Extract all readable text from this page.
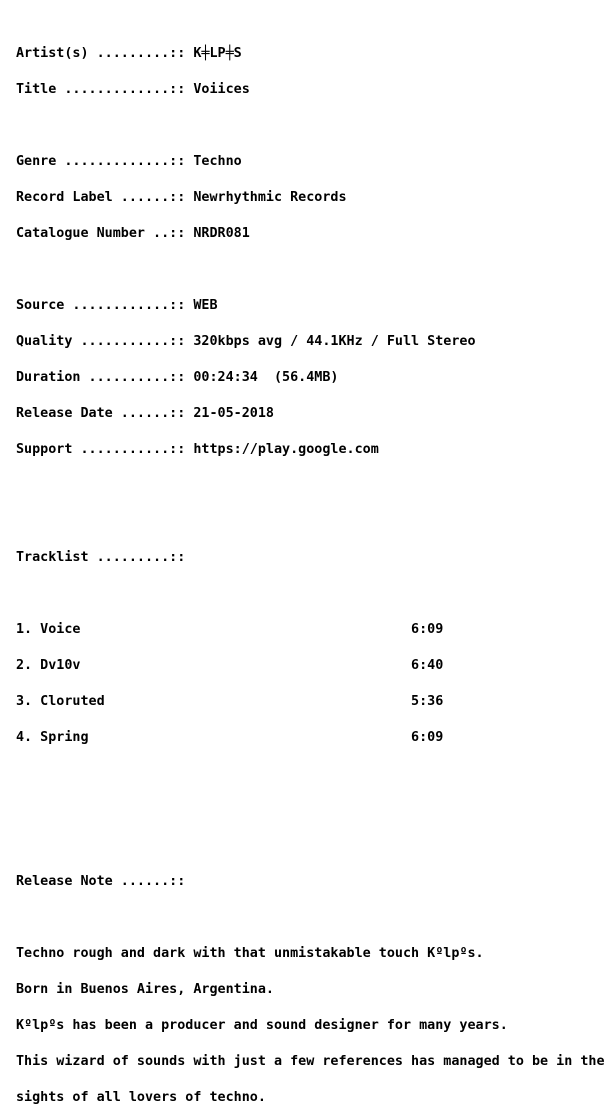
Artist(s) .........:: K╪LP╪S

Title .............:: Voiices

Genre .............:: Techno

Record Label ......:: Newrhythmic Records

Catalogue Number ..:: NRDR081

Source ............:: WEB

Quality ...........:: 320kbps avg / 44.1KHz / Full Stereo

Duration ..........:: 00:24:34  (56.4MB)

Release Date ......:: 21-05-2018

Support ...........:: https://play.google.com

Tracklist .........::

1. Voice                                         6:09

2. Dv10v                                         6:40

3. Cloruted                                      5:36

4. Spring                                        6:09

Release Note ......::

Techno rough and dark with that unmistakable touch Kºlpºs.

Born in Buenos Aires, Argentina.

Kºlpºs has been a producer and sound designer for many years.

This wizard of sounds with just a few references has managed to be in the

sights of all lovers of techno.
